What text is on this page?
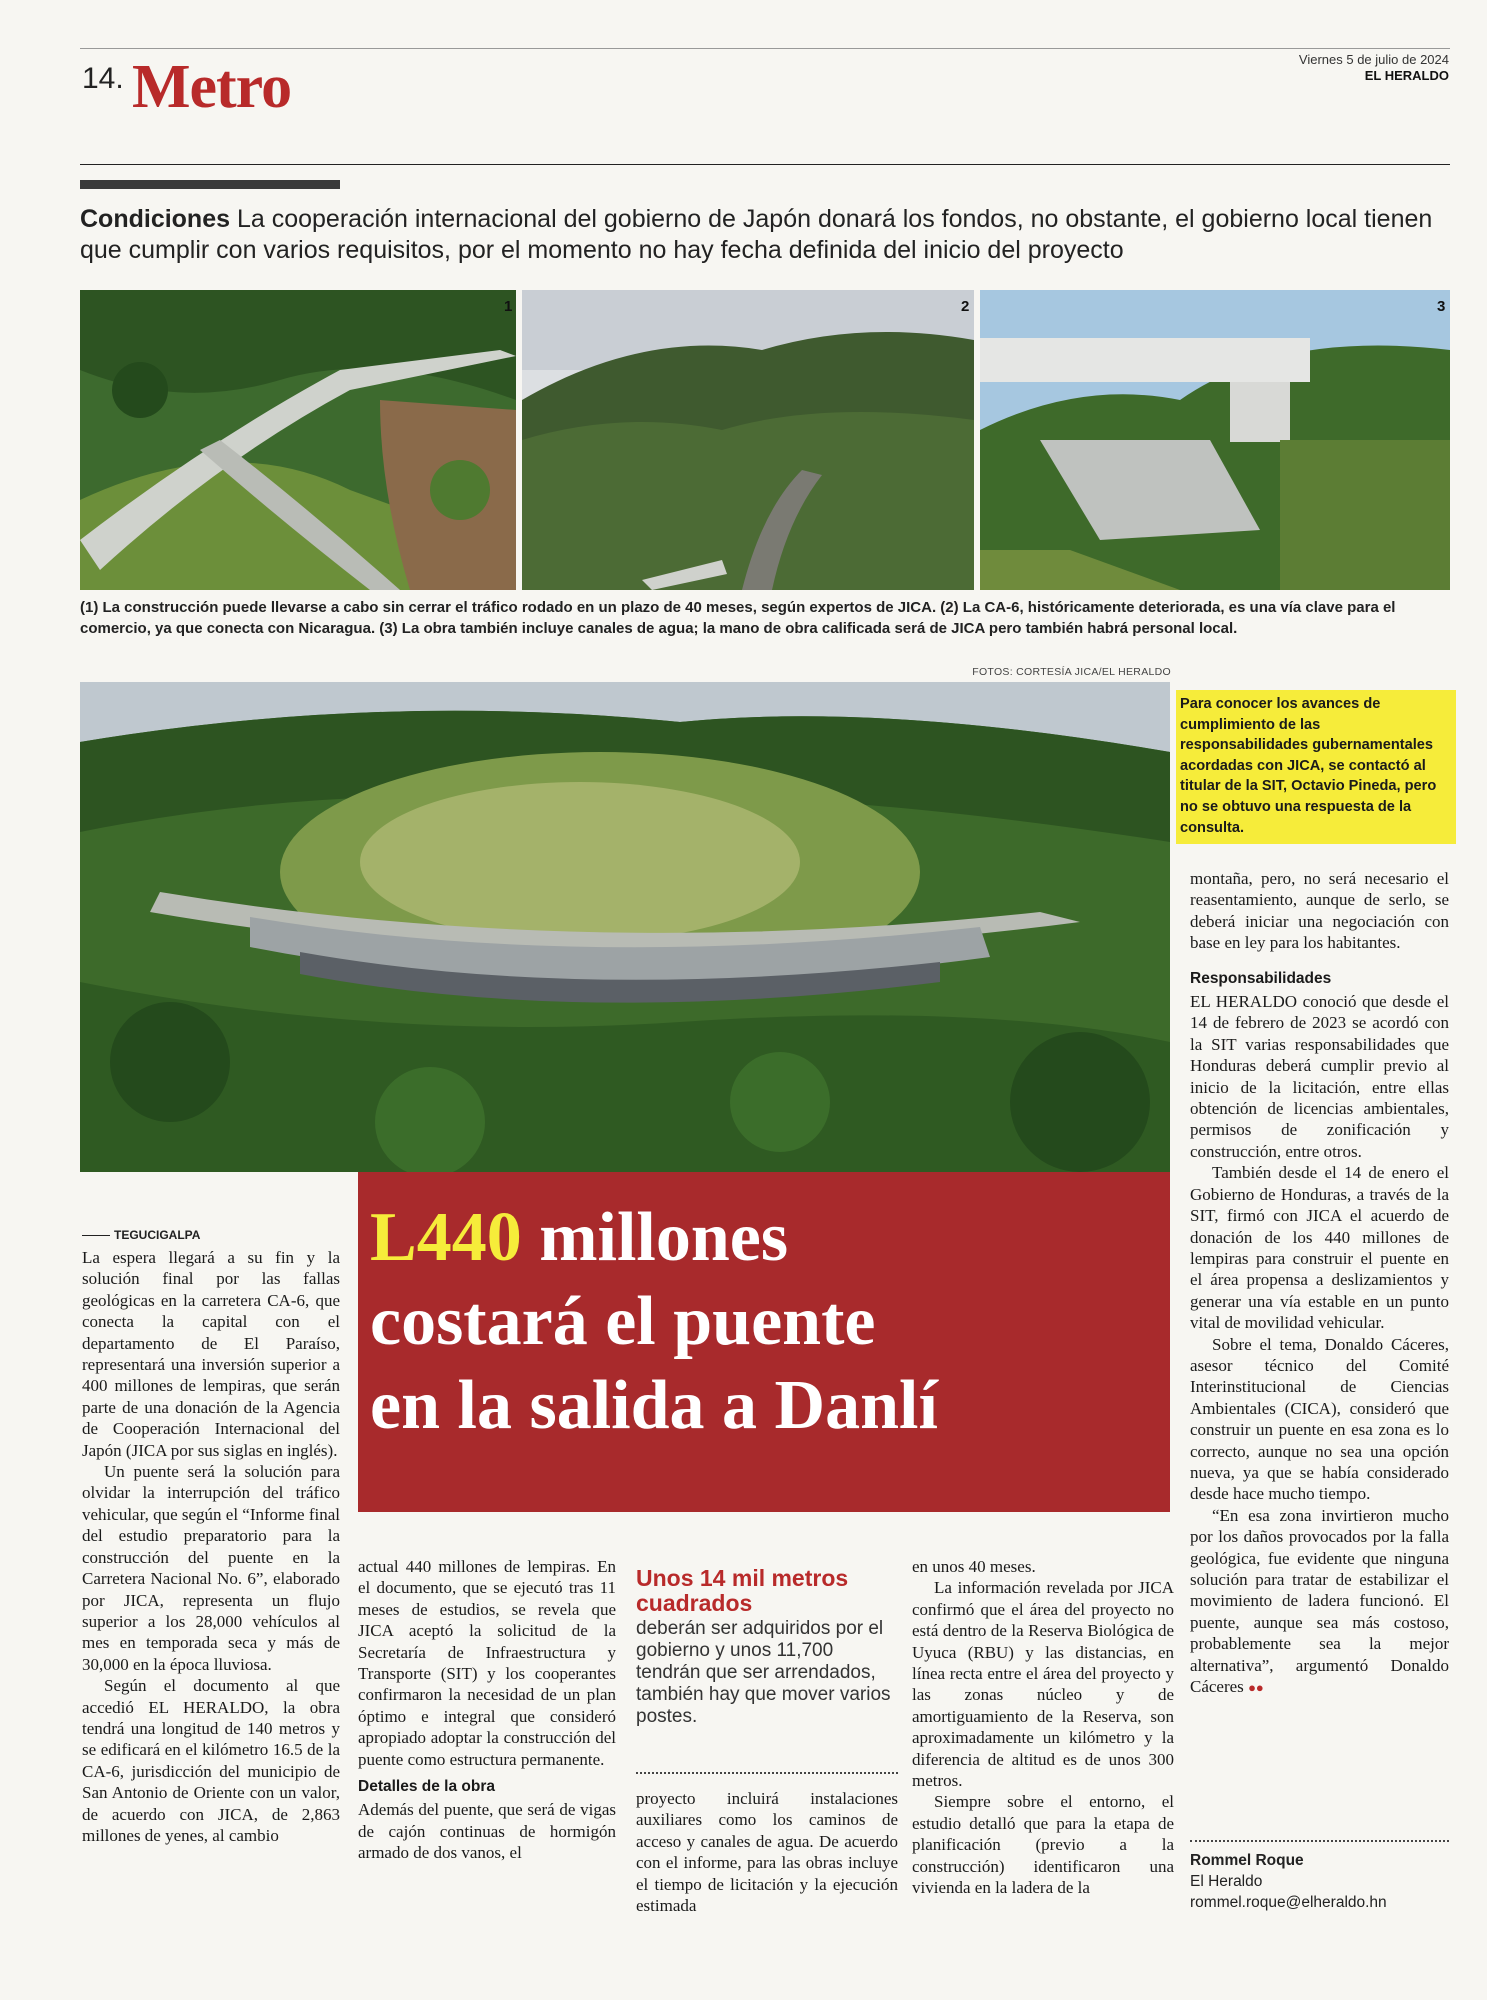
14. Metro	Viernes 5 de julio de 2024
EL HERALDO
Condiciones La cooperación internacional del gobierno de Japón donará los fondos, no obstante, el gobierno local tienen que cumplir con varios requisitos, por el momento no hay fecha definida del inicio del proyecto
1	2	3
(1) La construcción puede llevarse a cabo sin cerrar el tráfico rodado en un plazo de 40 meses, según expertos de JICA. (2) La CA-6, históricamente deteriorada, es una vía clave para el comercio, ya que conecta con Nicaragua. (3) La obra también incluye canales de agua; la mano de obra calificada será de JICA pero también habrá personal local.
FOTOS: CORTESÍA JICA/EL HERALDO
Para conocer los avances de cumplimiento de las responsabilidades gubernamentales acordadas con JICA, se contactó al titular de la SIT, Octavio Pineda, pero no se obtuvo una respuesta de la consulta.
L440 millones
costará el puente
en la salida a Danlí
TEGUCIGALPA

La espera llegará a su fin y la solución final por las fallas geológicas en la carretera CA-6, que conecta la capital con el departamento de El Paraíso, representará una inversión superior a 400 millones de lempiras, que serán parte de una donación de la Agencia de Cooperación Internacional del Japón (JICA por sus siglas en inglés).

Un puente será la solución para olvidar la interrupción del tráfico vehicular, que según el “Informe final del estudio preparatorio para la construcción del puente en la Carretera Nacional No. 6”, elaborado por JICA, representa un flujo superior a los 28,000 vehículos al mes en temporada seca y más de 30,000 en la época lluviosa.

Según el documento al que accedió EL HERALDO, la obra tendrá una longitud de 140 metros y se edificará en el kilómetro 16.5 de la CA-6, jurisdicción del municipio de San Antonio de Oriente con un valor, de acuerdo con JICA, de 2,863 millones de yenes, al cambio

actual 440 millones de lempiras. En el documento, que se ejecutó tras 11 meses de estudios, se revela que JICA aceptó la solicitud de la Secretaría de Infraestructura y Transporte (SIT) y los cooperantes confirmaron la necesidad de un plan óptimo e integral que consideró apropiado adoptar la construcción del puente como estructura permanente.

Detalles de la obra

Además del puente, que será de vigas de cajón continuas de hormigón armado de dos vanos, el

Unos 14 mil metros cuadrados
deberán ser adquiridos por el gobierno y unos 11,700 tendrán que ser arrendados, también hay que mover varios postes.

proyecto incluirá instalaciones auxiliares como los caminos de acceso y canales de agua. De acuerdo con el informe, para las obras incluye el tiempo de licitación y la ejecución estimada

en unos 40 meses.

La información revelada por JICA confirmó que el área del proyecto no está dentro de la Reserva Biológica de Uyuca (RBU) y las distancias, en línea recta entre el área del proyecto y las zonas núcleo y de amortiguamiento de la Reserva, son aproximadamente un kilómetro y la diferencia de altitud es de unos 300 metros.

Siempre sobre el entorno, el estudio detalló que para la etapa de planificación (previo a la construcción) identificaron una vivienda en la ladera de la

montaña, pero, no será necesario el reasentamiento, aunque de serlo, se deberá iniciar una negociación con base en ley para los habitantes.

Responsabilidades

EL HERALDO conoció que desde el 14 de febrero de 2023 se acordó con la SIT varias responsabilidades que Honduras deberá cumplir previo al inicio de la licitación, entre ellas obtención de licencias ambientales, permisos de zonificación y construcción, entre otros.

También desde el 14 de enero el Gobierno de Honduras, a través de la SIT, firmó con JICA el acuerdo de donación de los 440 millones de lempiras para construir el puente en el área propensa a deslizamientos y generar una vía estable en un punto vital de movilidad vehicular.

Sobre el tema, Donaldo Cáceres, asesor técnico del Comité Interinstitucional de Ciencias Ambientales (CICA), consideró que construir un puente en esa zona es lo correcto, aunque no sea una opción nueva, ya que se había considerado desde hace mucho tiempo.

“En esa zona invirtieron mucho por los daños provocados por la falla geológica, fue evidente que ninguna solución para tratar de estabilizar el movimiento de ladera funcionó. El puente, aunque sea más costoso, probablemente sea la mejor alternativa”, argumentó Donaldo Cáceres ●●

Rommel Roque
El Heraldo
rommel.roque@elheraldo.hn
